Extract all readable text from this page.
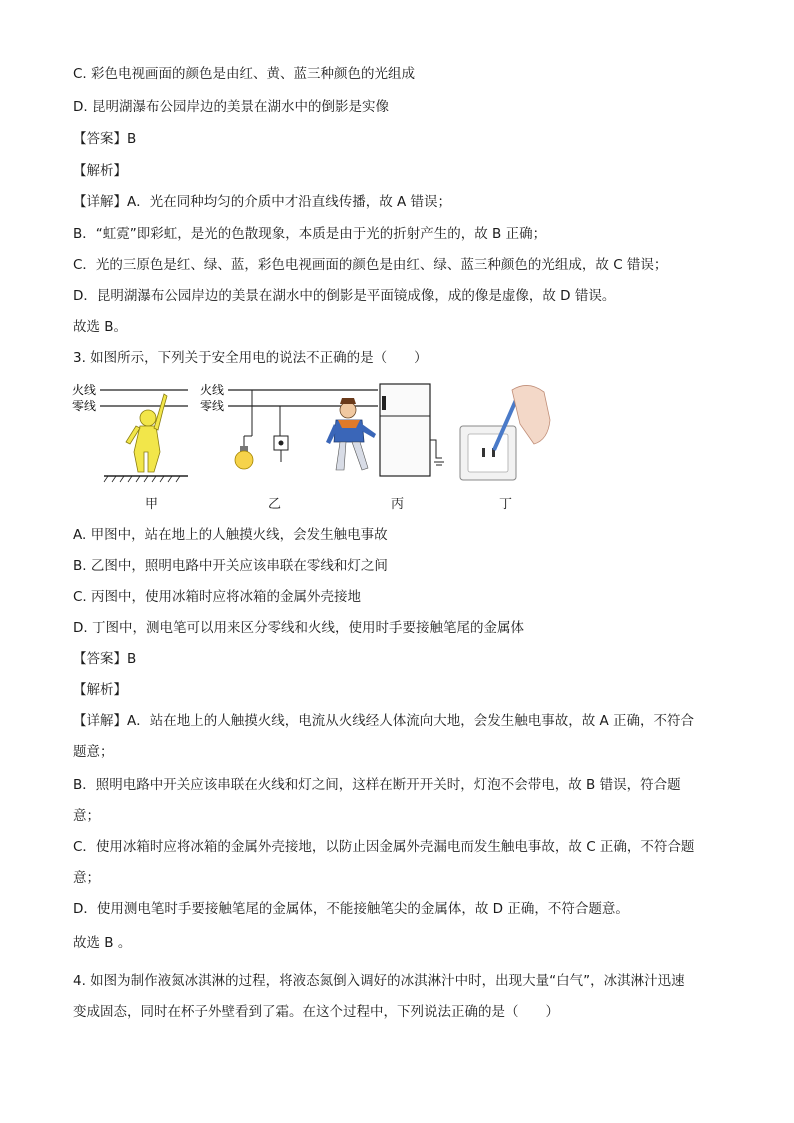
C. 彩色电视画面的颜色是由红、黄、蓝三种颜色的光组成
D. 昆明湖瀑布公园岸边的美景在湖水中的倒影是实像
【答案】B
【解析】
【详解】A．光在同种均匀的介质中才沿直线传播，故 A 错误；
B．“虹霓”即彩虹，是光的色散现象，本质是由于光的折射产生的，故 B 正确；
C．光的三原色是红、绿、蓝，彩色电视画面的颜色是由红、绿、蓝三种颜色的光组成，故 C 错误；
D．昆明湖瀑布公园岸边的美景在湖水中的倒影是平面镜成像，成的像是虚像，故 D 错误。
故选 B。
3. 如图所示，下列关于安全用电的说法不正确的是（　　）
火线
零线
火线
零线
甲	乙	丙	丁
A. 甲图中，站在地上的人触摸火线，会发生触电事故
B. 乙图中，照明电路中开关应该串联在零线和灯之间
C. 丙图中，使用冰箱时应将冰箱的金属外壳接地
D. 丁图中，测电笔可以用来区分零线和火线，使用时手要接触笔尾的金属体
【答案】B
【解析】
【详解】A．站在地上的人触摸火线，电流从火线经人体流向大地，会发生触电事故，故 A 正确，不符合
题意；
B．照明电路中开关应该串联在火线和灯之间，这样在断开开关时，灯泡不会带电，故 B 错误，符合题
意；
C．使用冰箱时应将冰箱的金属外壳接地，以防止因金属外壳漏电而发生触电事故，故 C 正确，不符合题
意；
D．使用测电笔时手要接触笔尾的金属体，不能接触笔尖的金属体，故 D 正确，不符合题意。
故选 B 。
4. 如图为制作液氮冰淇淋的过程，将液态氮倒入调好的冰淇淋汁中时，出现大量“白气”，冰淇淋汁迅速
变成固态，同时在杯子外壁看到了霜。在这个过程中，下列说法正确的是（　　）
